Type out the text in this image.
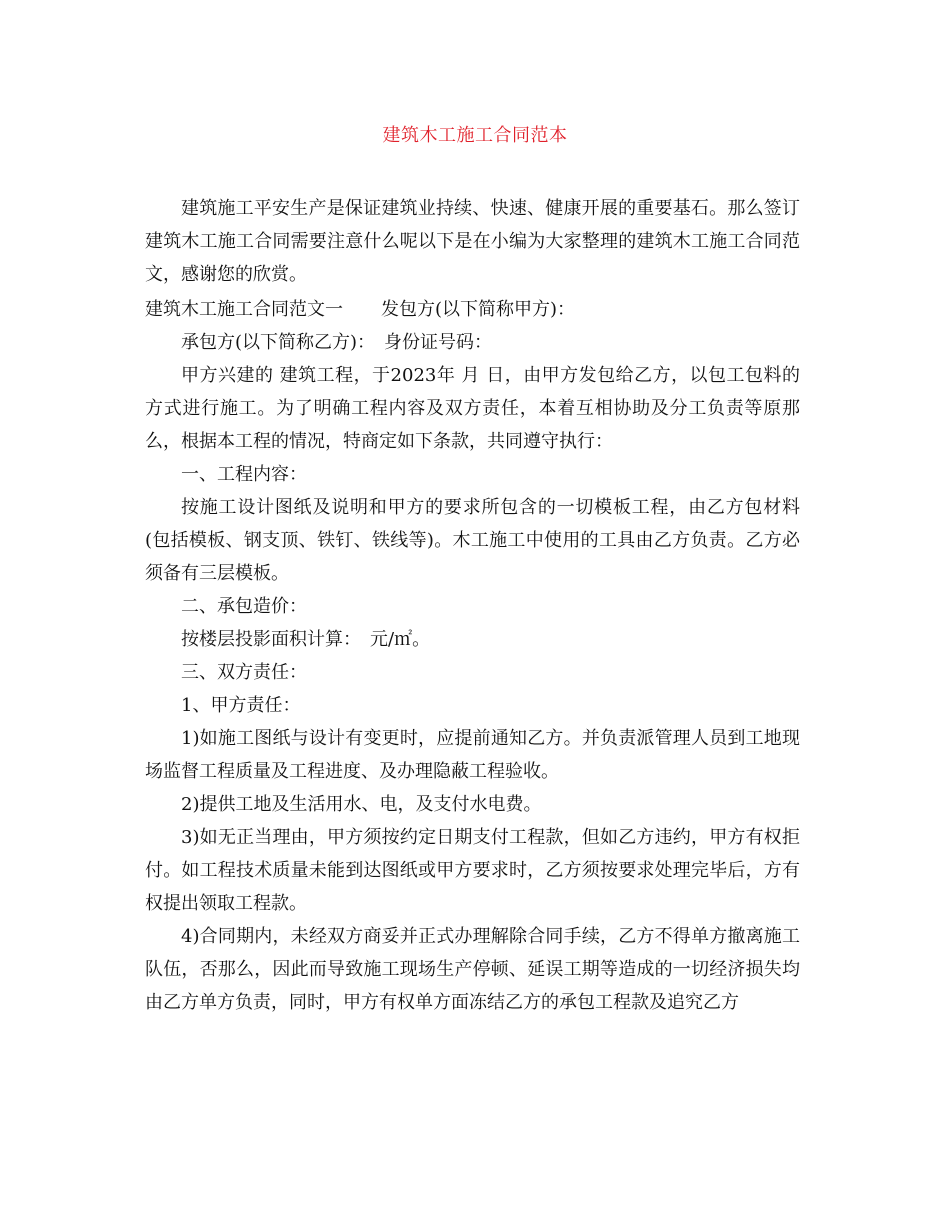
建筑木工施工合同范本

建筑施工平安生产是保证建筑业持续、快速、健康开展的重要基石。那么签订建筑木工施工合同需要注意什么呢以下是在小编为大家整理的建筑木工施工合同范文，感谢您的欣赏。

建筑木工施工合同范文一 发包方(以下简称甲方)：

承包方(以下简称乙方)： 身份证号码：

甲方兴建的 建筑工程，于2023年 月 日，由甲方发包给乙方，以包工包料的方式进行施工。为了明确工程内容及双方责任，本着互相协助及分工负责等原那么，根据本工程的情况，特商定如下条款，共同遵守执行：

一、工程内容：

按施工设计图纸及说明和甲方的要求所包含的一切模板工程，由乙方包材料(包括模板、钢支顶、铁钉、铁线等)。木工施工中使用的工具由乙方负责。乙方必须备有三层模板。

二、承包造价：

按楼层投影面积计算： 元/㎡。

三、双方责任：

1、甲方责任：

1)如施工图纸与设计有变更时，应提前通知乙方。并负责派管理人员到工地现场监督工程质量及工程进度、及办理隐蔽工程验收。

2)提供工地及生活用水、电，及支付水电费。

3)如无正当理由，甲方须按约定日期支付工程款，但如乙方违约，甲方有权拒付。如工程技术质量未能到达图纸或甲方要求时，乙方须按要求处理完毕后，方有权提出领取工程款。

4)合同期内，未经双方商妥并正式办理解除合同手续，乙方不得单方撤离施工队伍，否那么，因此而导致施工现场生产停顿、延误工期等造成的一切经济损失均由乙方单方负责，同时，甲方有权单方面冻结乙方的承包工程款及追究乙方
